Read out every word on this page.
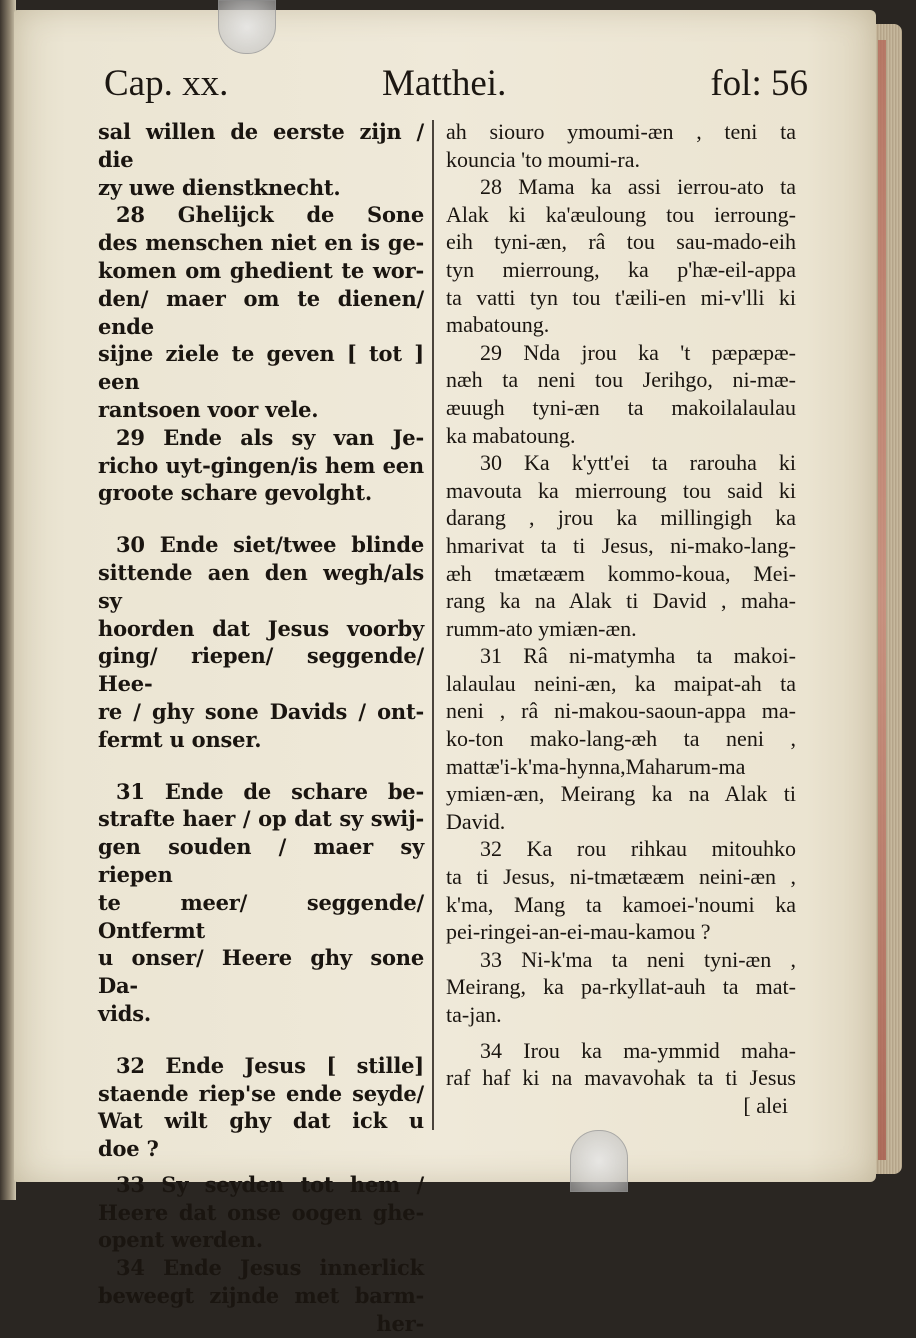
Cap. xx.	Matthei.	fol: 56
sal willen de eerste zijn / die
zy uwe dienstknecht.
28 Ghelijck de Sone
des menschen niet en is ge-
komen om ghedient te wor-
den/ maer om te dienen/ ende
sijne ziele te geven [ tot ] een
rantsoen voor vele.
29 Ende als sy van Je-
richo uyt-gingen/is hem een
groote schare gevolght.
30 Ende siet/twee blinde
sittende aen den wegh/als sy
hoorden dat Jesus voorby
ging/ riepen/ seggende/ Hee-
re / ghy sone Davids / ont-
fermt u onser.
31 Ende de schare be-
strafte haer / op dat sy swij-
gen souden / maer sy riepen
te meer/ seggende/ Ontfermt
u onser/ Heere ghy sone Da-
vids.
32 Ende Jesus [ stille]
staende riep'se ende seyde/
Wat wilt ghy dat ick u
doe ?
33 Sy seyden tot hem /
Heere dat onse oogen ghe-
opent werden.
34 Ende Jesus innerlick
beweegt zijnde met barm-
her-
ah siouro ymoumi-æn , teni ta
kouncia 'to moumi-ra.
28 Mama ka assi ierrou-ato ta
Alak ki ka'æuloung tou ierroung-
eih tyni-æn, râ tou sau-mado-eih
tyn mierroung, ka p'hæ-eil-appa
ta vatti tyn tou t'æili-en mi-v'lli ki
mabatoung.
29 Nda jrou ka 't pæpæpæ-
næh ta neni tou Jerihgo, ni-mæ-
æuugh tyni-æn ta makoilalaulau
ka mabatoung.
30 Ka k'ytt'ei ta rarouha ki
mavouta ka mierroung tou said ki
darang , jrou ka millingigh ka
hmarivat ta ti Jesus, ni-mako-lang-
æh tmætææm kommo-koua, Mei-
rang ka na Alak ti David , maha-
rumm-ato ymiæn-æn.
31 Râ ni-matymha ta makoi-
lalaulau neini-æn, ka maipat-ah ta
neni , râ ni-makou-saoun-appa ma-
ko-ton mako-lang-æh ta neni ,
mattæ'i-k'ma-hynna,Maharum-ma
ymiæn-æn, Meirang ka na Alak ti
David.
32 Ka rou rihkau mitouhko
ta ti Jesus, ni-tmætææm neini-æn ,
k'ma, Mang ta kamoei-'noumi ka
pei-ringei-an-ei-mau-kamou ?
33 Ni-k'ma ta neni tyni-æn ,
Meirang, ka pa-rkyllat-auh ta mat-
ta-jan.
34 Irou ka ma-ymmid maha-
raf haf ki na mavavohak ta ti Jesus
[ alei
